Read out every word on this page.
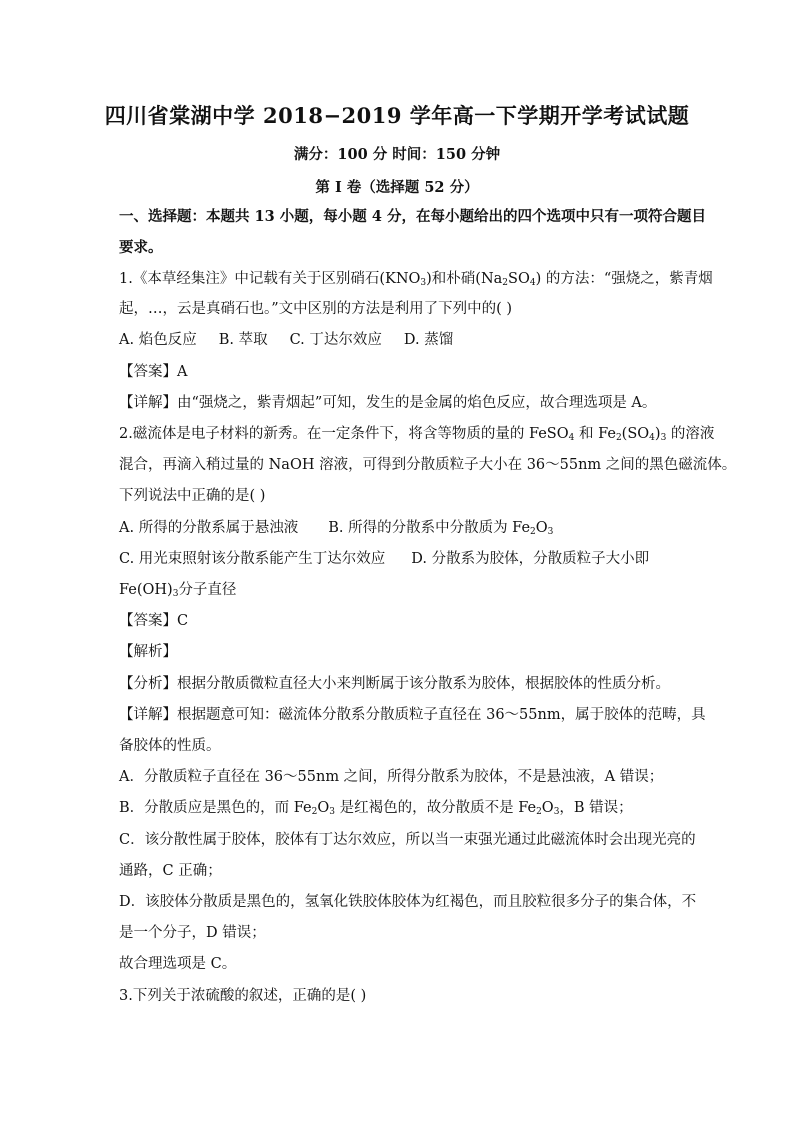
四川省棠湖中学 2018−2019 学年高一下学期开学考试试题
满分：100 分 时间：150 分钟
第 I 卷（选择题 52 分）
一、选择题：本题共 13 小题，每小题 4 分，在每小题给出的四个选项中只有一项符合题目
要求。
1.《本草经集注》中记载有关于区别硝石$(KNO_3)$和朴硝$(Na_2SO_4)$ 的方法：“强烧之，紫青烟
起，…，云是真硝石也。”文中区别的方法是利用了下列中的( )
A. 焰色反应 B. 萃取 C. 丁达尔效应 D. 蒸馏
【答案】A
【详解】由“强烧之，紫青烟起”可知，发生的是金属的焰色反应，故合理选项是 A。
2.磁流体是电子材料的新秀。在一定条件下，将含等物质的量的 FeSO$_4$ 和 $Fe_2(SO_4)_3$ 的溶液
混合，再滴入稍过量的 NaOH 溶液，可得到分散质粒子大小在 36～55nm 之间的黑色磁流体。
下列说法中正确的是( )
A. 所得的分散系属于悬浊液 B. 所得的分散系中分散质为 $Fe_2O_3$
C. 用光束照射该分散系能产生丁达尔效应 D. 分散系为胶体，分散质粒子大小即
$Fe(OH)_3$分子直径
【答案】C
【解析】
【分析】根据分散质微粒直径大小来判断属于该分散系为胶体，根据胶体的性质分析。
【详解】根据题意可知：磁流体分散系分散质粒子直径在 36～55nm，属于胶体的范畴，具
备胶体的性质。
A．分散质粒子直径在 36～55nm 之间，所得分散系为胶体，不是悬浊液，A 错误；
B．分散质应是黑色的，而 $Fe_2O_3$ 是红褐色的，故分散质不是 $Fe_2O_3$，B 错误；
C．该分散性属于胶体，胶体有丁达尔效应，所以当一束强光通过此磁流体时会出现光亮的
通路，C 正确；
D．该胶体分散质是黑色的，氢氧化铁胶体胶体为红褐色，而且胶粒很多分子的集合体，不
是一个分子，D 错误；
故合理选项是 C。
3.下列关于浓硫酸的叙述，正确的是( )
